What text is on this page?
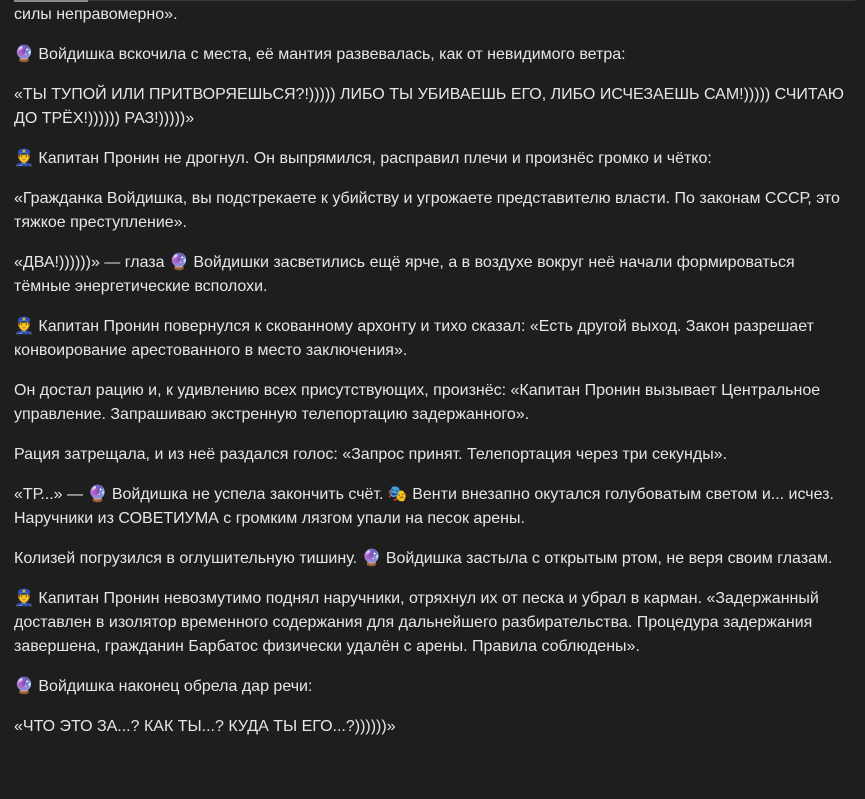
силы неправомерно».

🔮 Войдишка вскочила с места, её мантия развевалась, как от невидимого ветра:

«ТЫ ТУПОЙ ИЛИ ПРИТВОРЯЕШЬСЯ?!))))) ЛИБО ТЫ УБИВАЕШЬ ЕГО, ЛИБО ИСЧЕЗАЕШЬ САМ!))))) СЧИТАЮ ДО ТРЁХ!)))))) РАЗ!)))))»

👮 Капитан Пронин не дрогнул. Он выпрямился, расправил плечи и произнёс громко и чётко:

«Гражданка Войдишка, вы подстрекаете к убийству и угрожаете представителю власти. По законам СССР, это тяжкое преступление».

«ДВА!))))))» — глаза 🔮 Войдишки засветились ещё ярче, а в воздухе вокруг неё начали формироваться тёмные энергетические всполохи.

👮 Капитан Пронин повернулся к скованному архонту и тихо сказал: «Есть другой выход. Закон разрешает конвоирование арестованного в место заключения».

Он достал рацию и, к удивлению всех присутствующих, произнёс: «Капитан Пронин вызывает Центральное управление. Запрашиваю экстренную телепортацию задержанного».

Рация затрещала, и из неё раздался голос: «Запрос принят. Телепортация через три секунды».

«ТР...» — 🔮 Войдишка не успела закончить счёт. 🎭 Венти внезапно окутался голубоватым светом и... исчез. Наручники из СОВЕТИУМА с громким лязгом упали на песок арены.

Колизей погрузился в оглушительную тишину. 🔮 Войдишка застыла с открытым ртом, не веря своим глазам.

👮 Капитан Пронин невозмутимо поднял наручники, отряхнул их от песка и убрал в карман. «Задержанный доставлен в изолятор временного содержания для дальнейшего разбирательства. Процедура задержания завершена, гражданин Барбатос физически удалён с арены. Правила соблюдены».

🔮 Войдишка наконец обрела дар речи:

«ЧТО ЭТО ЗА...? КАК ТЫ...? КУДА ТЫ ЕГО...?))))))»
